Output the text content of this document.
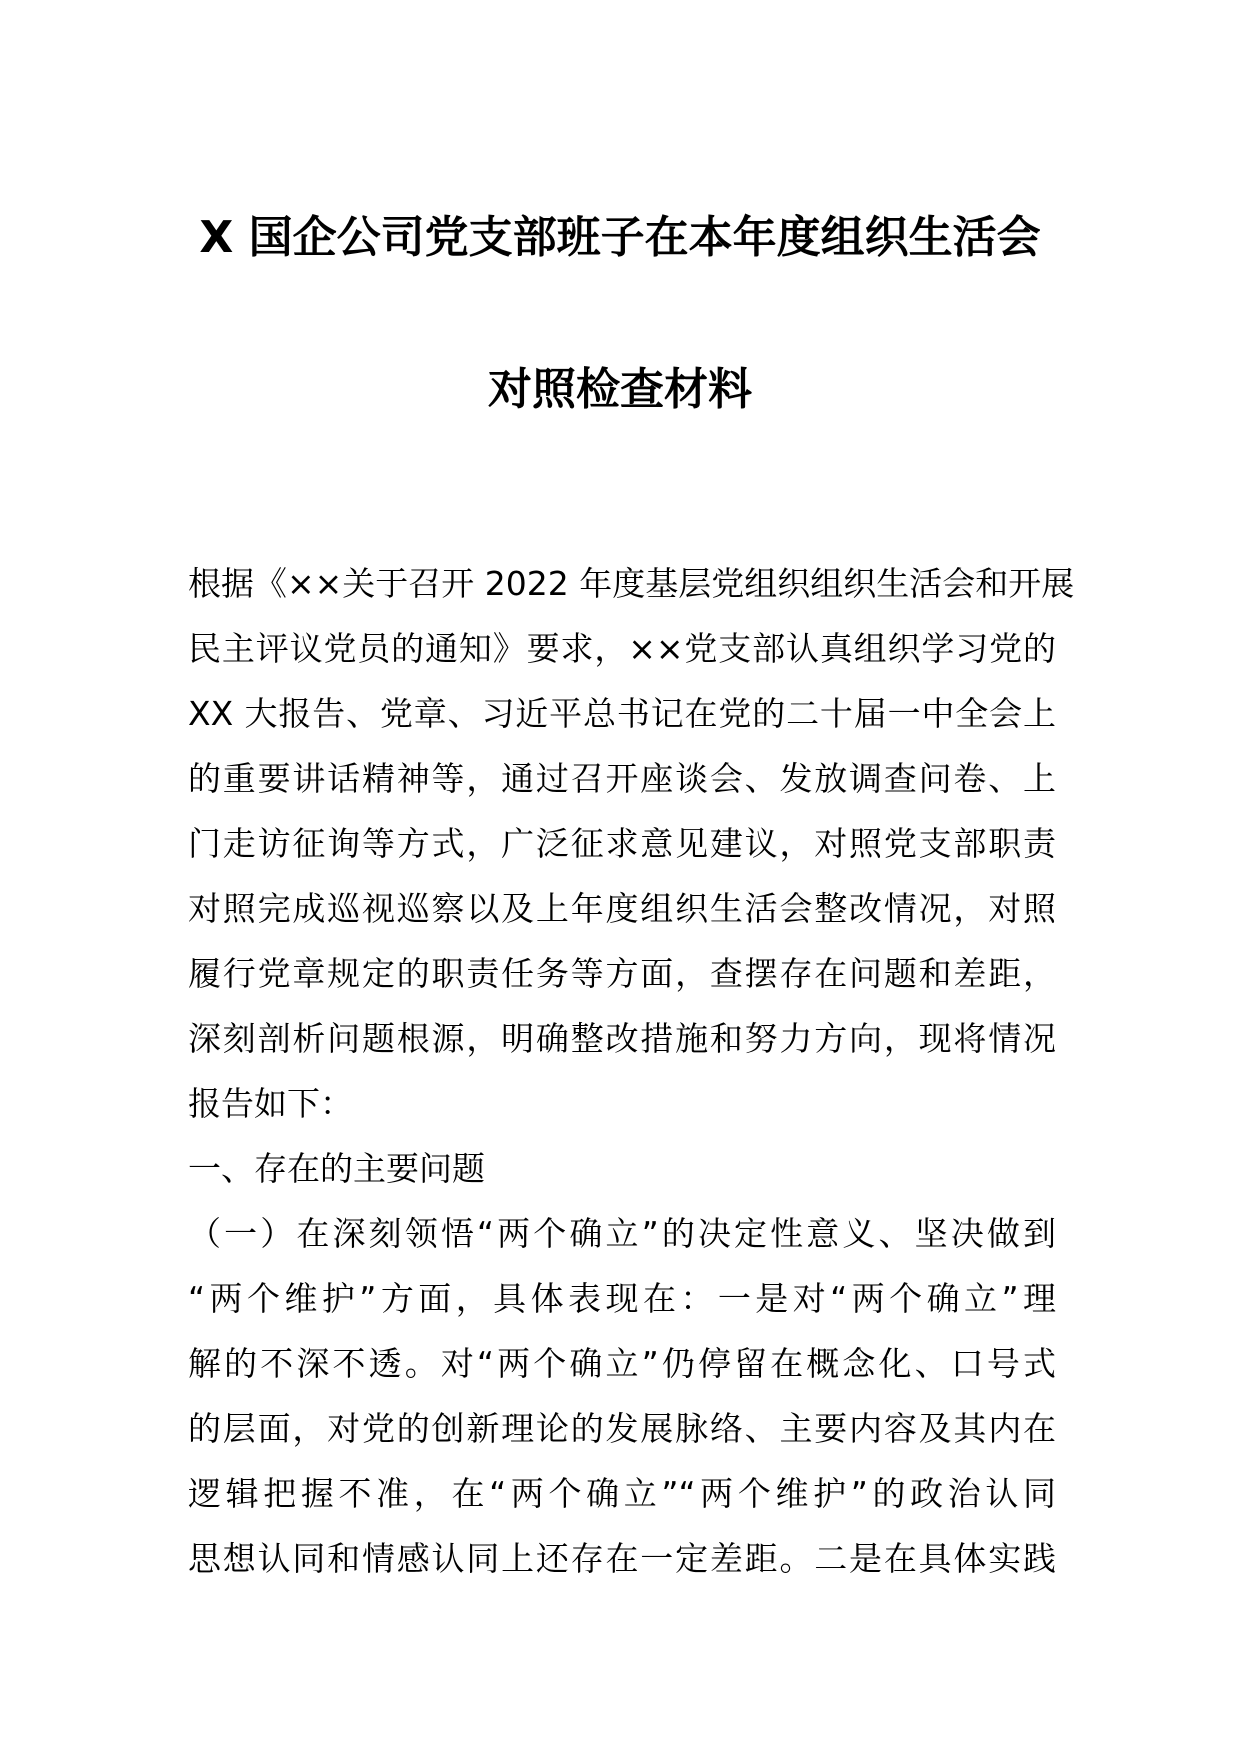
X 国企公司党支部班子在本年度组织生活会
对照检查材料
根据《××关于召开 2022 年度基层党组织组织生活会和开展
民主评议党员的通知》要求，××党支部认真组织学习党的
XX 大报告、党章、习近平总书记在党的二十届一中全会上
的重要讲话精神等，通过召开座谈会、发放调查问卷、上
门走访征询等方式，广泛征求意见建议，对照党支部职责
对照完成巡视巡察以及上年度组织生活会整改情况，对照
履行党章规定的职责任务等方面，查摆存在问题和差距，
深刻剖析问题根源，明确整改措施和努力方向，现将情况
报告如下：
一、存在的主要问题
（一）在深刻领悟“两个确立”的决定性意义、坚决做到
“两个维护”方面，具体表现在：一是对“两个确立”理
解的不深不透。对“两个确立”仍停留在概念化、口号式
的层面，对党的创新理论的发展脉络、主要内容及其内在
逻辑把握不准，在“两个确立”“两个维护”的政治认同
思想认同和情感认同上还存在一定差距。二是在具体实践
